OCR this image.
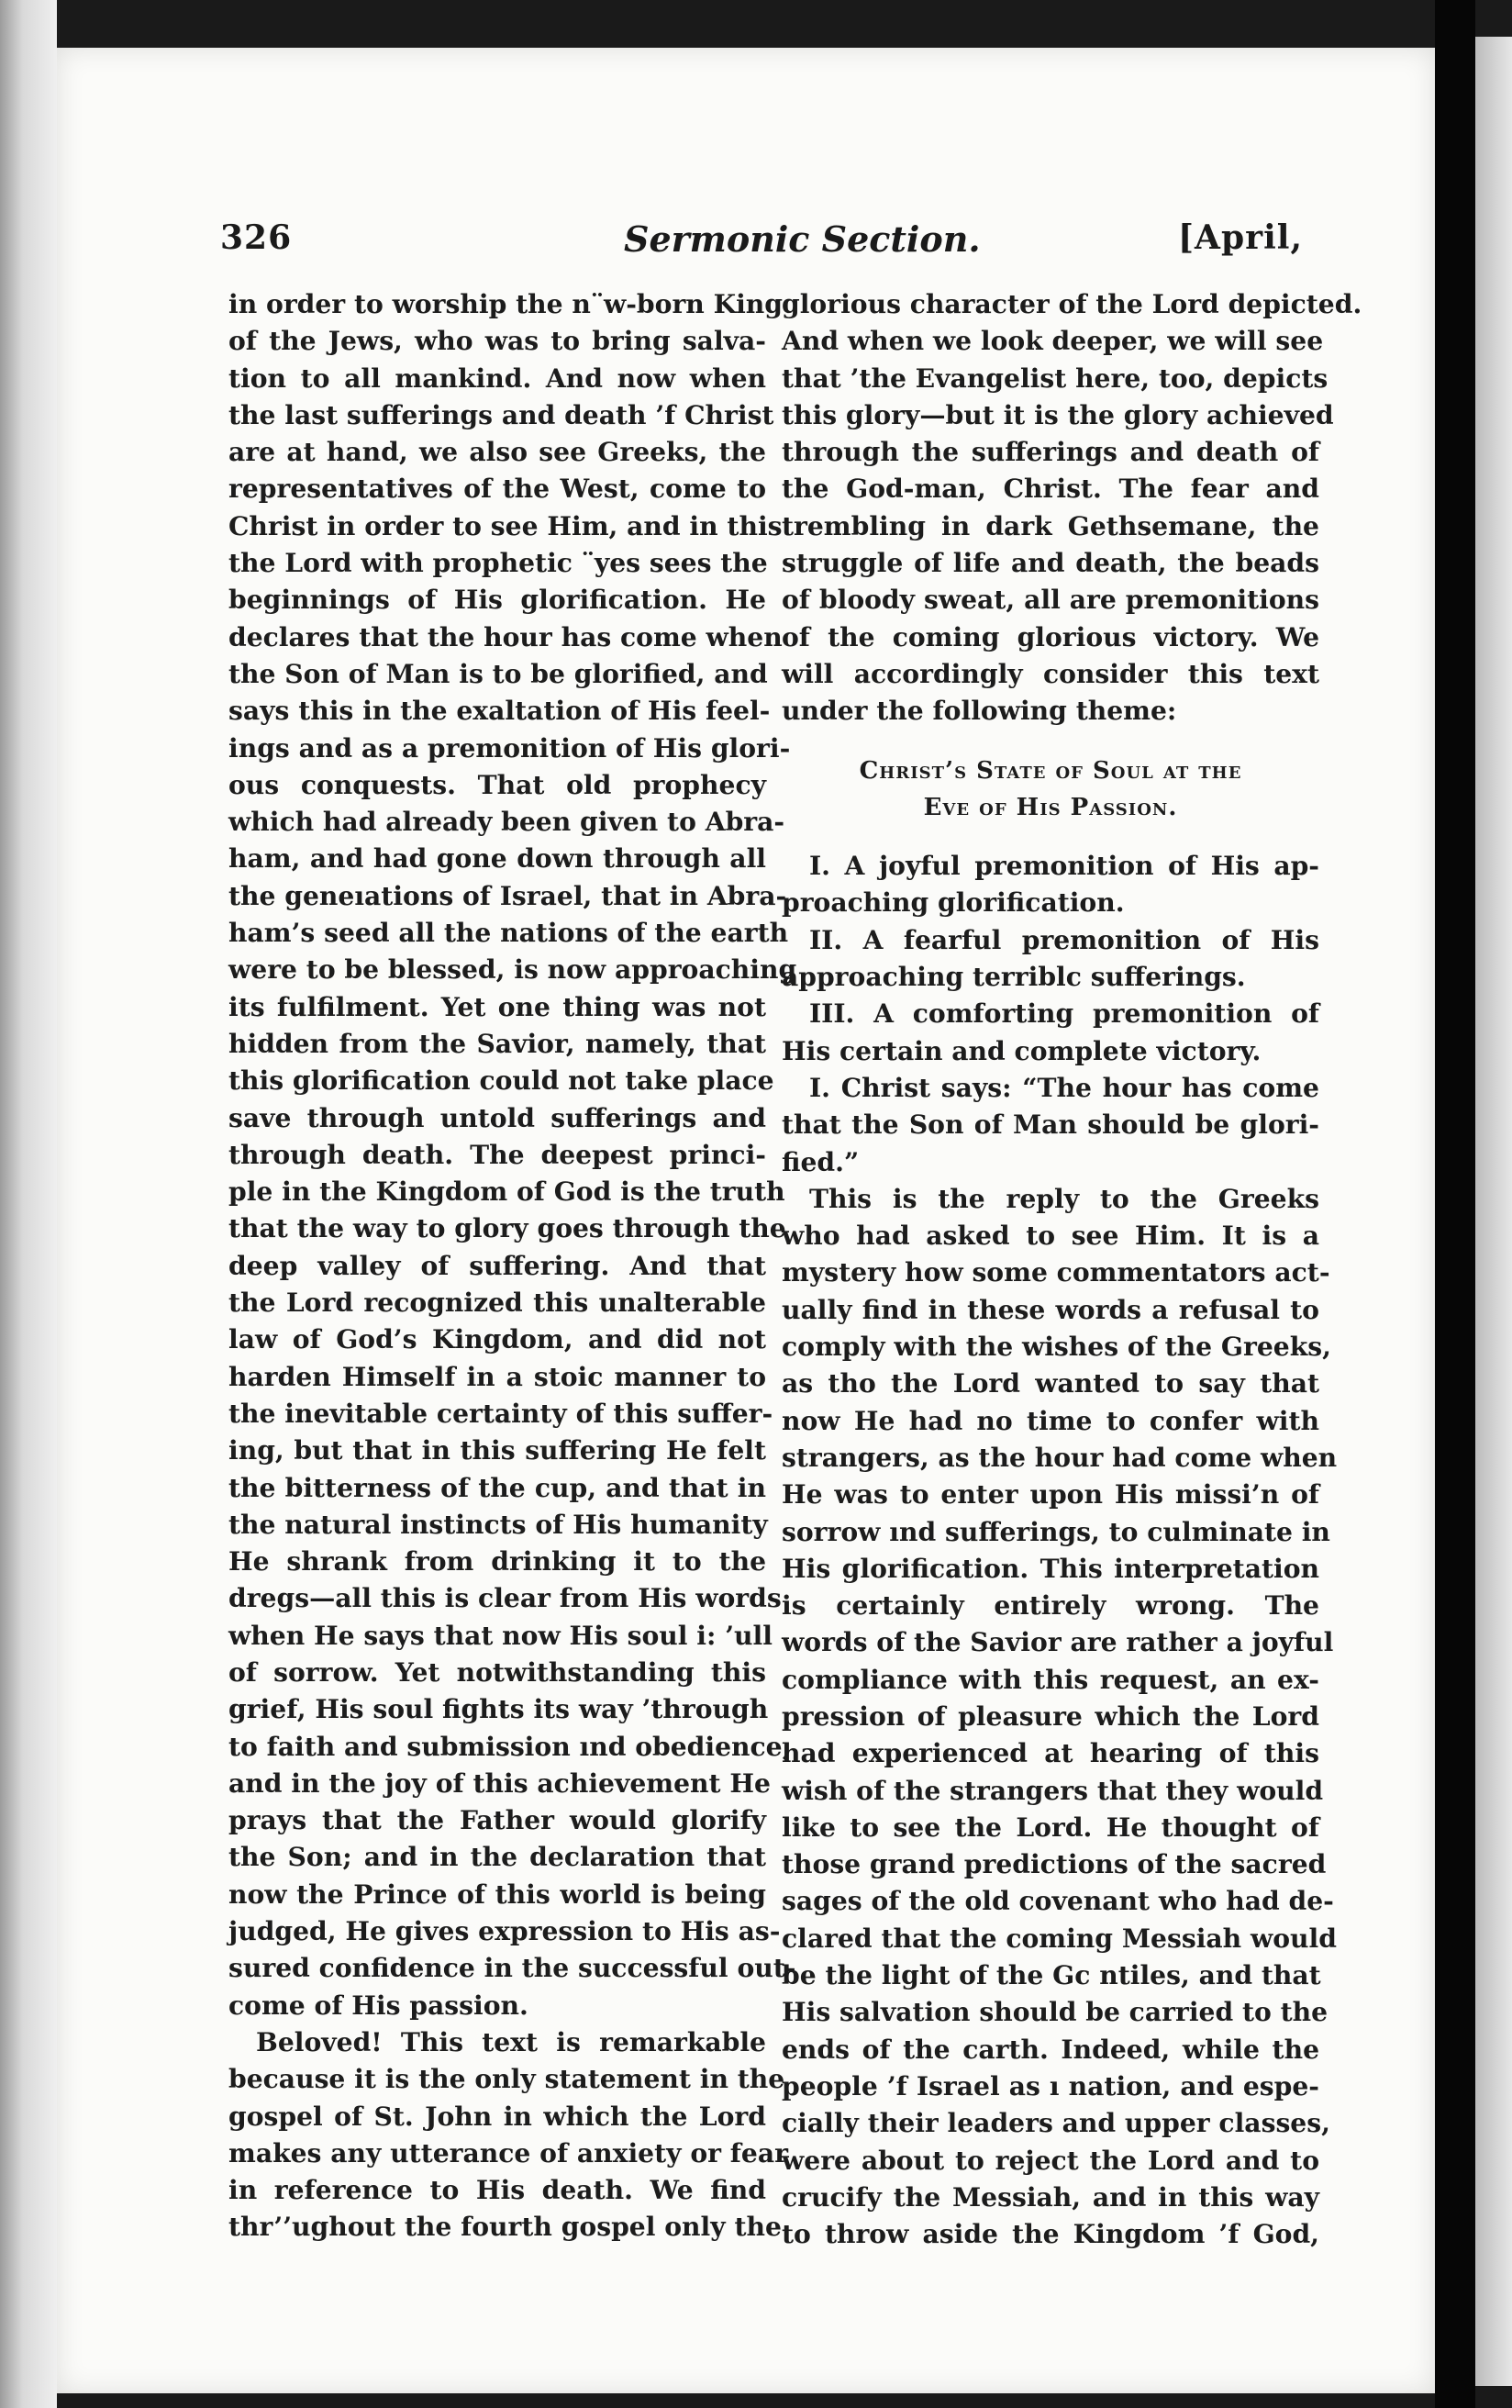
326	Sermonic Section.	[April,
in order to worship the n¨w-born King
of the Jews, who was to bring salva-
tion to all mankind. And now when
the last sufferings and death ’f Christ
are at hand, we also see Greeks, the
representatives of the West, come to
Christ in order to see Him, and in this
the Lord with prophetic ¨yes sees the
beginnings of His glorification. He
declares that the hour has come when
the Son of Man is to be glorified, and
says this in the exaltation of His feel-
ings and as a premonition of His glori-
ous conquests. That old prophecy
which had already been given to Abra-
ham, and had gone down through all
the geneıations of Israel, that in Abra-
ham’s seed all the nations of the earth
were to be blessed, is now approaching
its fulfilment. Yet one thing was not
hidden from the Savior, namely, that
this glorification could not take place
save through untold sufferings and
through death. The deepest princi-
ple in the Kingdom of God is the truth
that the way to glory goes through the
deep valley of suffering. And that
the Lord recognized this unalterable
law of God’s Kingdom, and did not
harden Himself in a stoic manner to
the inevitable certainty of this suffer-
ing, but that in this suffering He felt
the bitterness of the cup, and that in
the natural instincts of His humanity
He shrank from drinking it to the
dregs—all this is clear from His words
when He says that now His soul i: ’ull
of sorrow. Yet notwithstanding this
grief, His soul fights its way ’through
to faith and submission ınd obedience,
and in the joy of this achievement He
prays that the Father would glorify
the Son; and in the declaration that
now the Prince of this world is being
judged, He gives expression to His as-
sured confidence in the successful out-
come of His passion.
Beloved! This text is remarkable
because it is the only statement in the
gospel of St. John in which the Lord
makes any utterance of anxiety or fear
in reference to His death. We find
thr’’ughout the fourth gospel only the
glorious character of the Lord depicted.
And when we look deeper, we will see
that ’the Evangelist here, too, depicts
this glory—but it is the glory achieved
through the sufferings and death of
the God-man, Christ. The fear and
trembling in dark Gethsemane, the
struggle of life and death, the beads
of bloody sweat, all are premonitions
of the coming glorious victory. We
will accordingly consider this text
under the following theme:
Christ’s State of Soul at the
Eve of His Passion.
I. A joyful premonition of His ap-
proaching glorification.
II. A fearful premonition of His
approaching terriblс sufferings.
III. A comforting premonition of
His certain and complete victory.
I. Christ says: “The hour has come
that the Son of Man should be glori-
fied.”
This is the reply to the Greeks
who had asked to see Him. It is a
mystery how some commentators act-
ually find in these words a refusal to
comply with the wishes of the Greeks,
as tho the Lord wanted to say that
now He had no time to confer with
strangers, as the hour had come when
He was to enter upon His missi’n of
sorrow ınd sufferings, to culminate in
His glorification. This interpretation
is certainly entirely wrong. The
words of the Savior are rather a joyful
compliance with this request, an ex-
pression of pleasure which the Lord
had experienced at hearing of this
wish of the strangers that they would
like to see the Lord. He thought of
those grand predictions of the sacred
sages of the old covenant who had de-
clared that the coming Messiah would
be the light of the Gс ntiles, and that
His salvation should be carried to the
ends of the сarth. Indeed, while the
people ’f Israel as ı nation, and espe-
cially their leaders and upper classes,
were about to reject the Lord and to
crucify the Messiah, and in this way
to throw aside the Kingdom ’f God,
